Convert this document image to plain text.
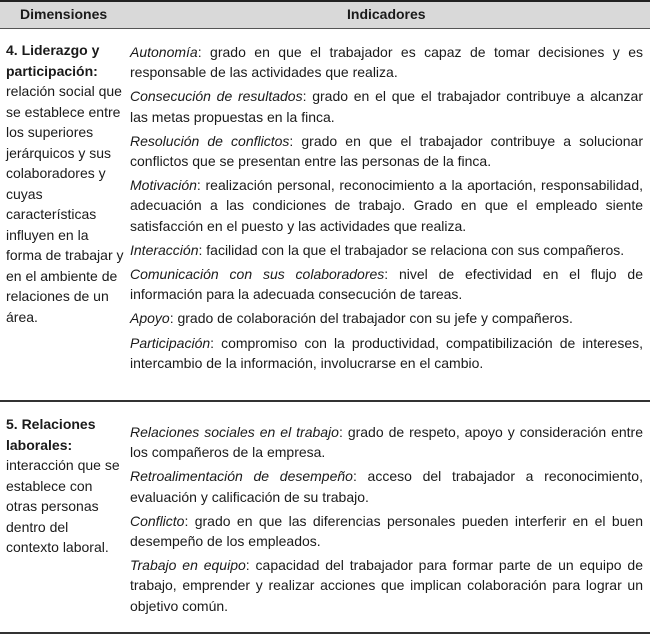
Dimensiones	Indicadores
4. Liderazgo y participación:
relación social que se establece entre los superiores jerárquicos y sus colaboradores y cuyas características influyen en la forma de trabajar y en el ambiente de relaciones de un área.

Autonomía: grado en que el trabajador es capaz de tomar decisiones y es responsable de las actividades que realiza.

Consecución de resultados: grado en el que el trabajador contribuye a alcanzar las metas propuestas en la finca.

Resolución de conflictos: grado en que el trabajador contribuye a solucionar conflictos que se presentan entre las personas de la finca.

Motivación: realización personal, reconocimiento a la aportación, responsabilidad, adecuación a las condiciones de trabajo. Grado en que el empleado siente satisfacción en el puesto y las actividades que realiza.

Interacción: facilidad con la que el trabajador se relaciona con sus compañeros.

Comunicación con sus colaboradores: nivel de efectividad en el flujo de información para la adecuada consecución de tareas.

Apoyo: grado de colaboración del trabajador con su jefe y compañeros.

Participación: compromiso con la productividad, compatibilización de intereses, intercambio de la información, involucrarse en el cambio.

5. Relaciones laborales:
interacción que se establece con otras personas dentro del contexto laboral.

Relaciones sociales en el trabajo: grado de respeto, apoyo y consideración entre los compañeros de la empresa.

Retroalimentación de desempeño: acceso del trabajador a reconocimiento, evaluación y calificación de su trabajo.

Conflicto: grado en que las diferencias personales pueden interferir en el buen desempeño de los empleados.

Trabajo en equipo: capacidad del trabajador para formar parte de un equipo de trabajo, emprender y realizar acciones que implican colaboración para lograr un objetivo común.
